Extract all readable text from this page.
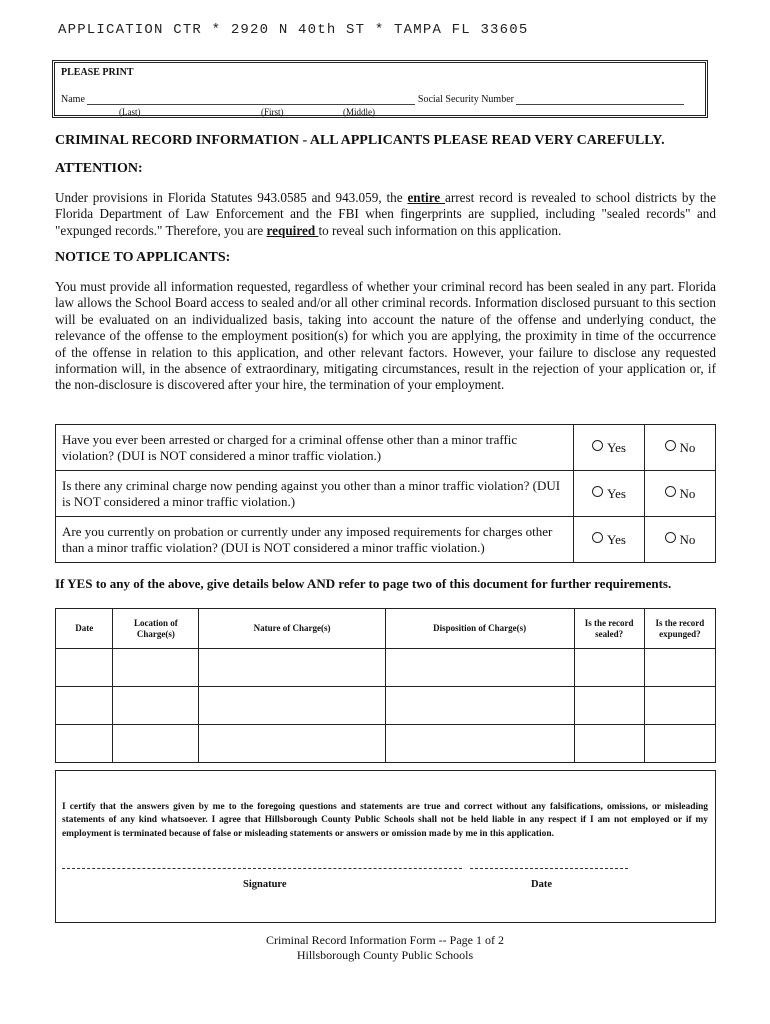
APPLICATION CTR * 2920 N 40th ST * TAMPA FL 33605
PLEASE PRINT
Name	Social Security Number
(Last)	(First)	(Middle)
CRIMINAL RECORD INFORMATION - ALL APPLICANTS PLEASE READ VERY CAREFULLY.
ATTENTION:

Under provisions in Florida Statutes 943.0585 and 943.059, the entire arrest record is revealed to school districts by the Florida Department of Law Enforcement and the FBI when fingerprints are supplied, including "sealed records" and "expunged records." Therefore, you are required to reveal such information on this application.

NOTICE TO APPLICANTS:

You must provide all information requested, regardless of whether your criminal record has been sealed in any part. Florida law allows the School Board access to sealed and/or all other criminal records. Information disclosed pursuant to this section will be evaluated on an individualized basis, taking into account the nature of the offense and underlying conduct, the relevance of the offense to the employment position(s) for which you are applying, the proximity in time of the occurrence of the offense in relation to this application, and other relevant factors. However, your failure to disclose any requested information will, in the absence of extraordinary, mitigating circumstances, result in the rejection of your application or, if the non-disclosure is discovered after your hire, the termination of your employment.

Have you ever been arrested or charged for a criminal offense other than a minor traffic violation? (DUI is NOT considered a minor traffic violation.)	Yes	No
Is there any criminal charge now pending against you other than a minor traffic violation? (DUI is NOT considered a minor traffic violation.)	Yes	No
Are you currently on probation or currently under any imposed requirements for charges other than a minor traffic violation? (DUI is NOT considered a minor traffic violation.)	Yes	No
If YES to any of the above, give details below AND refer to page two of this document for further requirements.
Date	Location of Charge(s)	Nature of Charge(s)	Disposition of Charge(s)	Is the record sealed?	Is the record expunged?

I certify that the answers given by me to the foregoing questions and statements are true and correct without any falsifications, omissions, or misleading statements of any kind whatsoever. I agree that Hillsborough County Public Schools shall not be held liable in any respect if I am not employed or if my employment is terminated because of false or misleading statements or answers or omission made by me in this application.

Signature	Date
Criminal Record Information Form -- Page 1 of 2
Hillsborough County Public Schools
